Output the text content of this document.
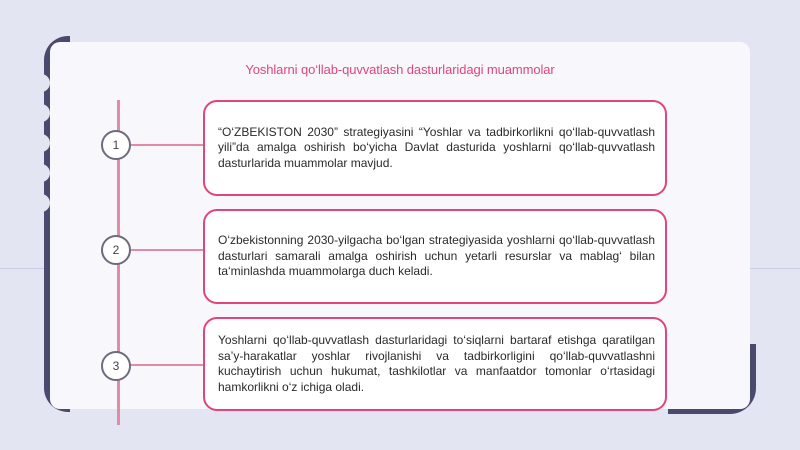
Yoshlarni qo‘llab-quvvatlash dasturlaridagi muammolar
1
2
3

“O‘ZBEKISTON 2030” strategiyasini “Yoshlar va tadbirkorlikni qo‘llab-quvvatlash yili”da amalga oshirish bo‘yicha Davlat dasturida yoshlarni qo‘llab-quvvatlash dasturlarida muammolar mavjud.

O‘zbekistonning 2030-yilgacha bo‘lgan strategiyasida yoshlarni qo‘llab-quvvatlash dasturlari samarali amalga oshirish uchun yetarli resurslar va mablag‘ bilan ta‘minlashda muammolarga duch keladi.

Yoshlarni qo‘llab-quvvatlash dasturlaridagi to‘siqlarni bartaraf etishga qaratilgan sa’y-harakatlar yoshlar rivojlanishi va tadbirkorligini qo‘llab-quvvatlashni kuchaytirish uchun hukumat, tashkilotlar va manfaatdor tomonlar o‘rtasidagi hamkorlikni o‘z ichiga oladi.
